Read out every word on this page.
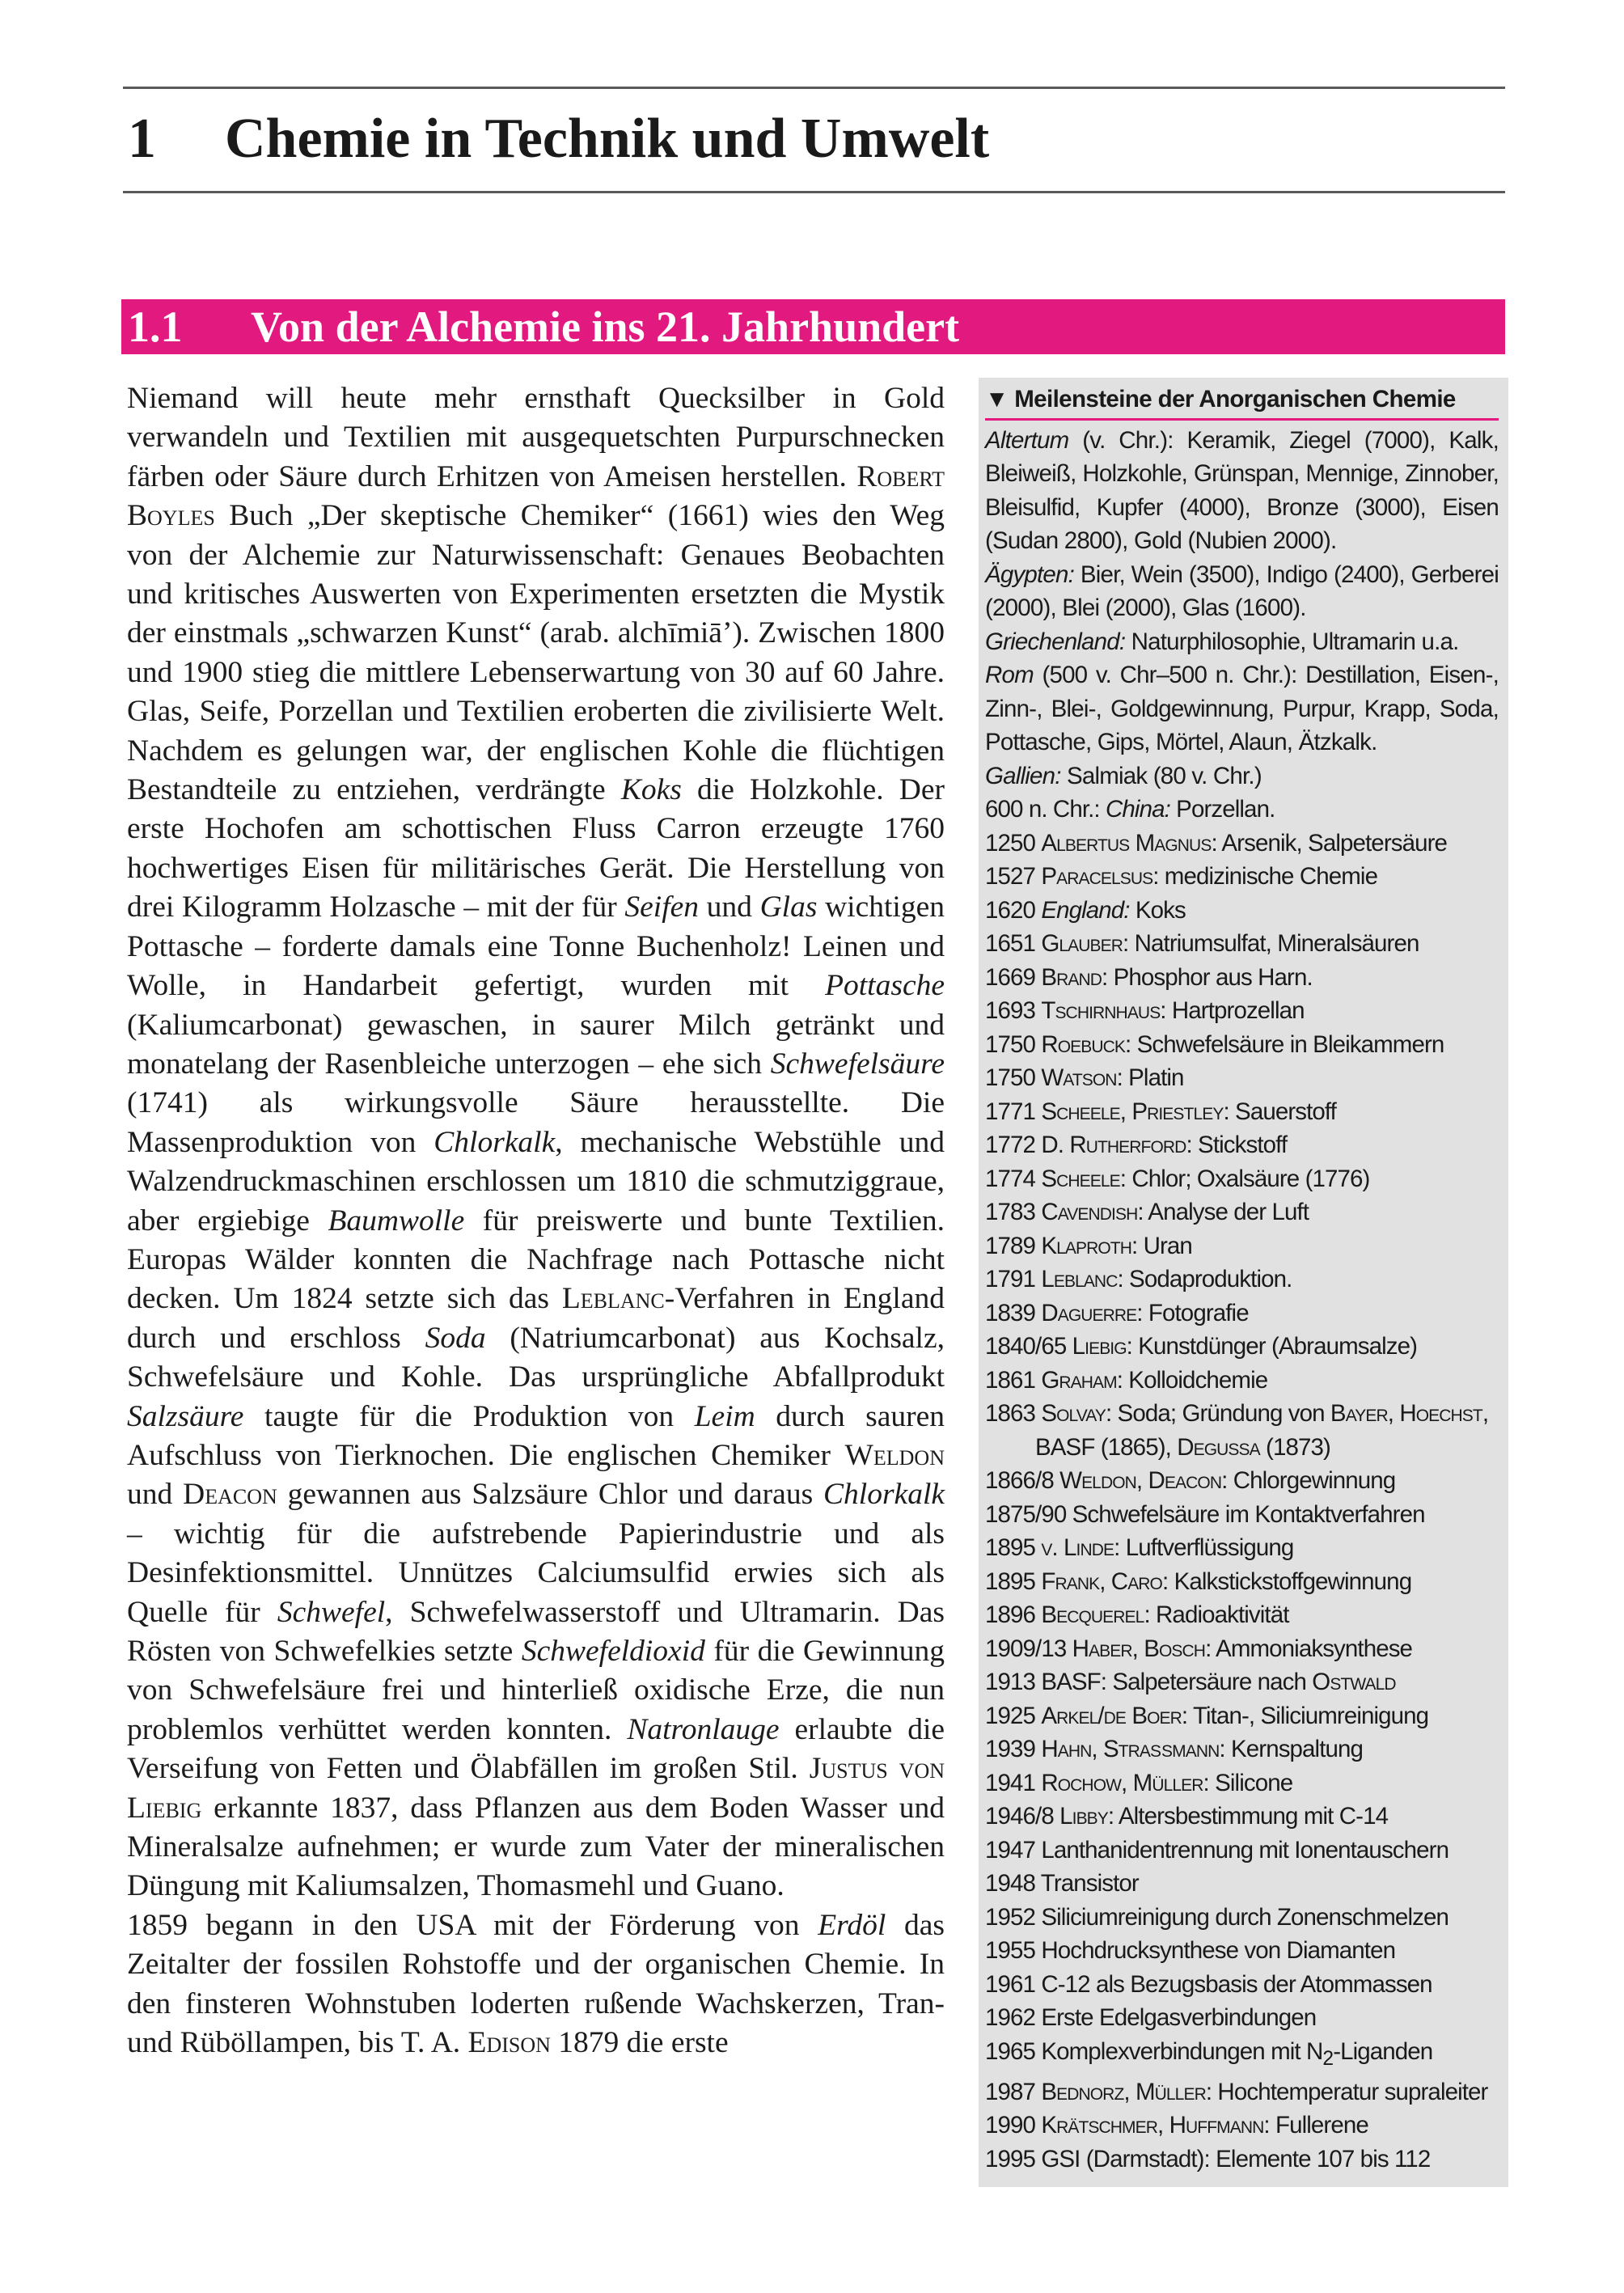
1 Chemie in Technik und Umwelt
1.1 Von der Alchemie ins 21. Jahrhundert

Niemand will heute mehr ernsthaft Quecksilber in Gold verwandeln und Textilien mit ausgequetschten Purpurschnecken färben oder Säure durch Erhitzen von Ameisen herstellen. Robert Boyles Buch „Der skeptische Chemiker“ (1661) wies den Weg von der Alchemie zur Naturwissenschaft: Genaues Beobachten und kritisches Auswerten von Experimenten ersetzten die Mystik der einstmals „schwarzen Kunst“ (arab. alchīmiā’). Zwischen 1800 und 1900 stieg die mittlere Lebenserwartung von 30 auf 60 Jahre. Glas, Seife, Porzellan und Textilien eroberten die zivilisierte Welt. Nachdem es gelungen war, der englischen Kohle die flüchtigen Bestandteile zu entziehen, verdrängte Koks die Holzkohle. Der erste Hochofen am schottischen Fluss Carron erzeugte 1760 hochwertiges Eisen für militärisches Gerät. Die Herstellung von drei Kilogramm Holzasche – mit der für Seifen und Glas wichtigen Pottasche – forderte damals eine Tonne Buchenholz! Leinen und Wolle, in Handarbeit gefertigt, wurden mit Pottasche (Kaliumcarbonat) gewaschen, in saurer Milch getränkt und monatelang der Rasenbleiche unterzogen – ehe sich Schwefelsäure (1741) als wirkungsvolle Säure herausstellte. Die Massenproduktion von Chlorkalk, mechanische Webstühle und Walzendruckmaschinen erschlossen um 1810 die schmutziggraue, aber ergiebige Baumwolle für preiswerte und bunte Textilien. Europas Wälder konnten die Nachfrage nach Pottasche nicht decken. Um 1824 setzte sich das Leblanc-Verfahren in England durch und erschloss Soda (Natriumcarbonat) aus Kochsalz, Schwefelsäure und Kohle. Das ursprüngliche Abfallprodukt Salzsäure taugte für die Produktion von Leim durch sauren Aufschluss von Tierknochen. Die englischen Chemiker Weldon und Deacon gewannen aus Salzsäure Chlor und daraus Chlorkalk – wichtig für die aufstrebende Papierindustrie und als Desinfektionsmittel. Unnützes Calciumsulfid erwies sich als Quelle für Schwefel, Schwefelwasserstoff und Ultramarin. Das Rösten von Schwefelkies setzte Schwefeldioxid für die Gewinnung von Schwefelsäure frei und hinterließ oxidische Erze, die nun problemlos verhüttet werden konnten. Natronlauge erlaubte die Verseifung von Fetten und Ölabfällen im großen Stil. Justus von Liebig erkannte 1837, dass Pflanzen aus dem Boden Wasser und Mineralsalze aufnehmen; er wurde zum Vater der mineralischen Düngung mit Kaliumsalzen, Thomasmehl und Guano.

1859 begann in den USA mit der Förderung von Erdöl das Zeitalter der fossilen Rohstoffe und der organischen Chemie. In den finsteren Wohnstuben loderten rußende Wachskerzen, Tran- und Rüböllampen, bis T. A. Edison 1879 die erste

▼ Meilensteine der Anorganischen Chemie
Altertum (v. Chr.): Keramik, Ziegel (7000), Kalk, Bleiweiß, Holzkohle, Grünspan, Mennige, Zinnober, Bleisulfid, Kupfer (4000), Bronze (3000), Eisen (Sudan 2800), Gold (Nubien 2000).
Ägypten: Bier, Wein (3500), Indigo (2400), Gerberei (2000), Blei (2000), Glas (1600).
Griechenland: Naturphilosophie, Ultramarin u.a.
Rom (500 v. Chr–500 n. Chr.): Destillation, Eisen-, Zinn-, Blei-, Goldgewinnung, Purpur, Krapp, Soda, Pottasche, Gips, Mörtel, Alaun, Ätzkalk.
Gallien: Salmiak (80 v. Chr.)
600 n. Chr.: China: Porzellan.
1250 Albertus Magnus: Arsenik, Salpetersäure
1527 Paracelsus: medizinische Chemie
1620 England: Koks
1651 Glauber: Natriumsulfat, Mineralsäuren
1669 Brand: Phosphor aus Harn.
1693 Tschirnhaus: Hartprozellan
1750 Roebuck: Schwefelsäure in Bleikammern
1750 Watson: Platin
1771 Scheele, Priestley: Sauerstoff
1772 D. Rutherford: Stickstoff
1774 Scheele: Chlor; Oxalsäure (1776)
1783 Cavendish: Analyse der Luft
1789 Klaproth: Uran
1791 Leblanc: Sodaproduktion.
1839 Daguerre: Fotografie
1840/65 Liebig: Kunstdünger (Abraumsalze)
1861 Graham: Kolloidchemie
1863 Solvay: Soda; Gründung von Bayer, Hoechst, BASF (1865), Degussa (1873)
1866/8 Weldon, Deacon: Chlorgewinnung
1875/90 Schwefelsäure im Kontaktverfahren
1895 v. Linde: Luftverflüssigung
1895 Frank, Caro: Kalkstickstoffgewinnung
1896 Becquerel: Radioaktivität
1909/13 Haber, Bosch: Ammoniaksynthese
1913 BASF: Salpetersäure nach Ostwald
1925 Arkel/de Boer: Titan-, Siliciumreinigung
1939 Hahn, Straßmann: Kernspaltung
1941 Rochow, Müller: Silicone
1946/8 Libby: Altersbestimmung mit C-14
1947 Lanthanidentrennung mit Ionentauschern
1948 Transistor
1952 Siliciumreinigung durch Zonenschmelzen
1955 Hochdrucksynthese von Diamanten
1961 C-12 als Bezugsbasis der Atommassen
1962 Erste Edelgasverbindungen
1965 Komplexverbindungen mit $N_2$-Liganden
1987 Bednorz, Müller: Hochtemperatur supraleiter
1990 Krätschmer, Huffmann: Fullerene
1995 GSI (Darmstadt): Elemente 107 bis 112
